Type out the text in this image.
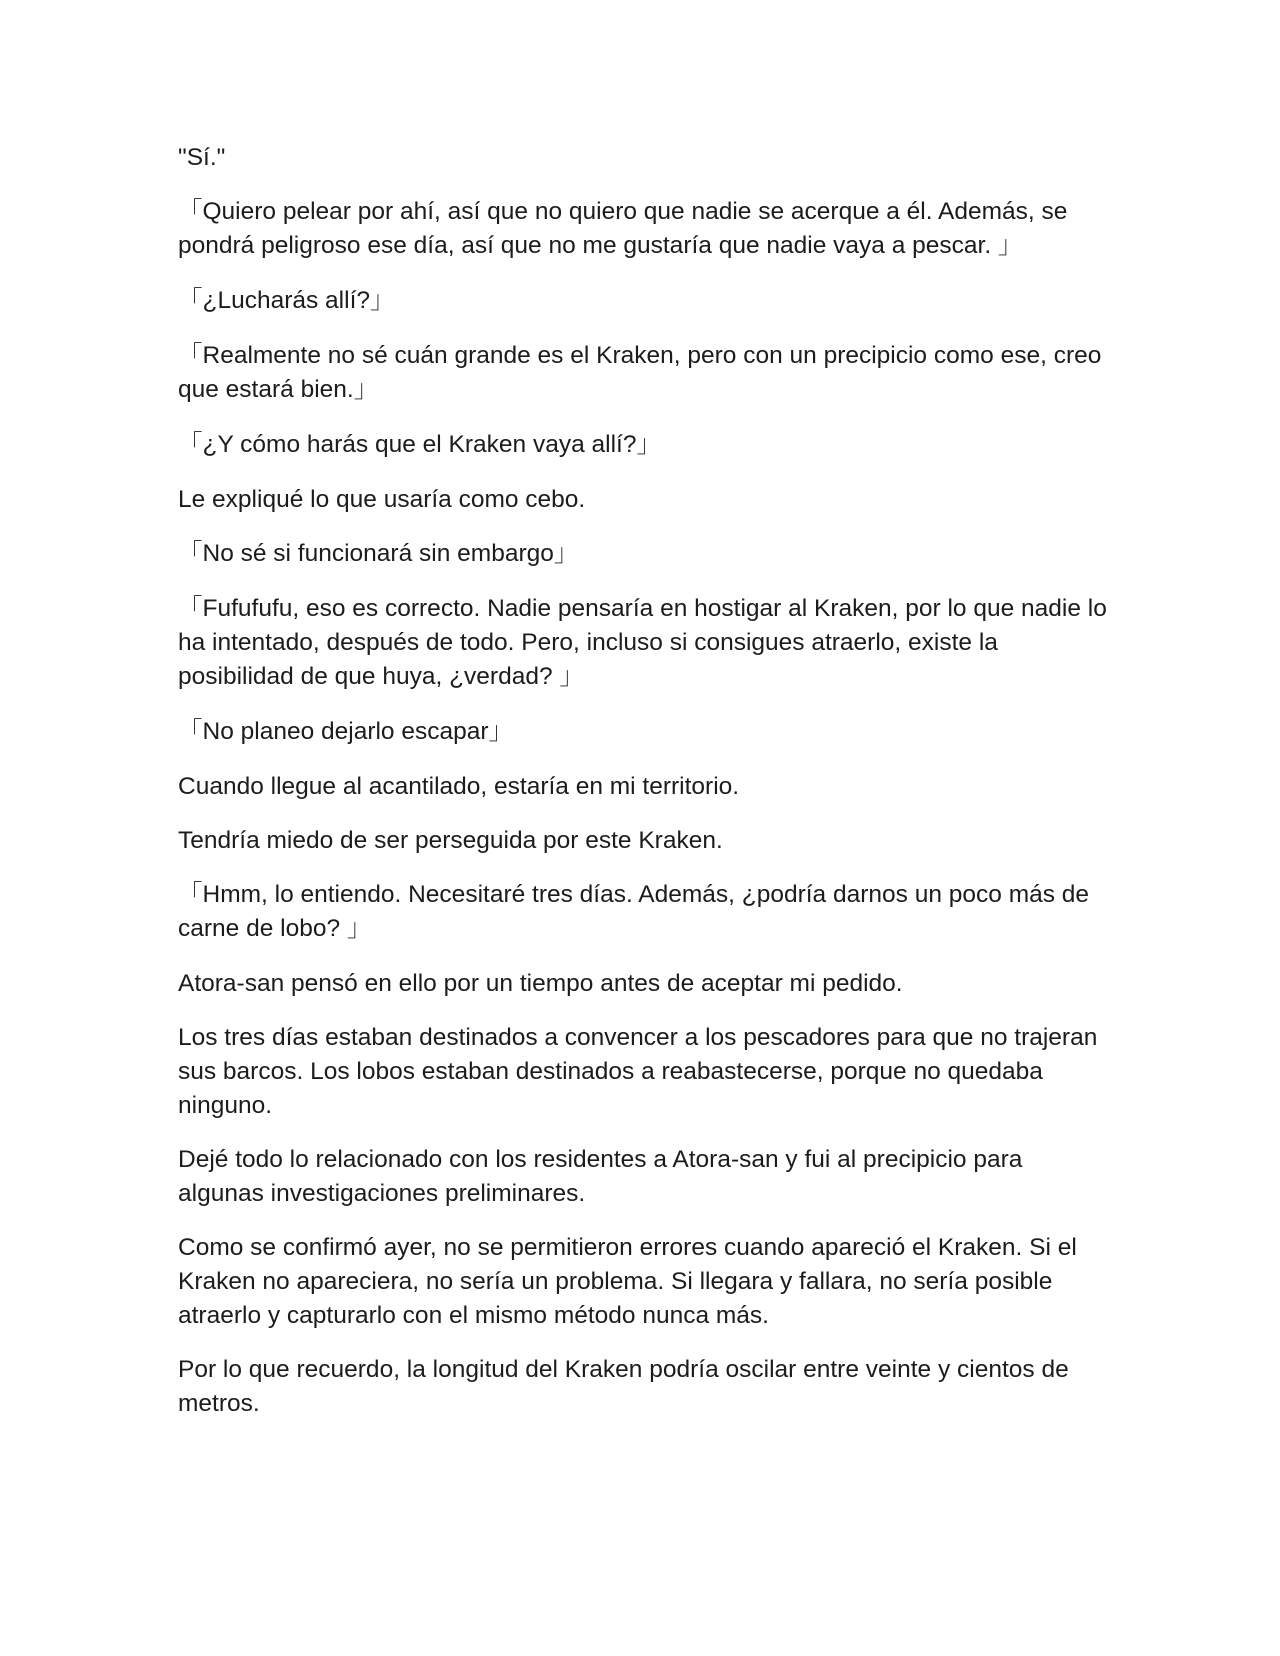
"Sí."

「Quiero pelear por ahí, así que no quiero que nadie se acerque a él. Además, se pondrá peligroso ese día, así que no me gustaría que nadie vaya a pescar. 」

「¿Lucharás allí?」

「Realmente no sé cuán grande es el Kraken, pero con un precipicio como ese, creo que estará bien.」

「¿Y cómo harás que el Kraken vaya allí?」

Le expliqué lo que usaría como cebo.

「No sé si funcionará sin embargo」

「Fufufufu, eso es correcto. Nadie pensaría en hostigar al Kraken, por lo que nadie lo ha intentado, después de todo. Pero, incluso si consigues atraerlo, existe la posibilidad de que huya, ¿verdad? 」

「No planeo dejarlo escapar」

Cuando llegue al acantilado, estaría en mi territorio.

Tendría miedo de ser perseguida por este Kraken.

「Hmm, lo entiendo. Necesitaré tres días. Además, ¿podría darnos un poco más de carne de lobo? 」

Atora-san pensó en ello por un tiempo antes de aceptar mi pedido.

Los tres días estaban destinados a convencer a los pescadores para que no trajeran sus barcos. Los lobos estaban destinados a reabastecerse, porque no quedaba ninguno.

Dejé todo lo relacionado con los residentes a Atora-san y fui al precipicio para algunas investigaciones preliminares.

Como se confirmó ayer, no se permitieron errores cuando apareció el Kraken. Si el Kraken no apareciera, no sería un problema. Si llegara y fallara, no sería posible atraerlo y capturarlo con el mismo método nunca más.

Por lo que recuerdo, la longitud del Kraken podría oscilar entre veinte y cientos de metros.
